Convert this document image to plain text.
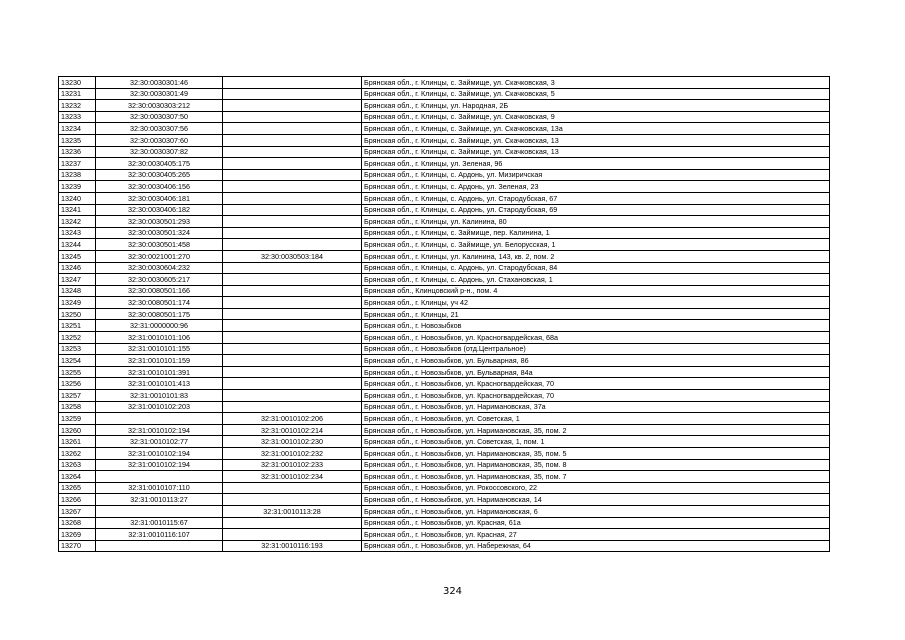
13230	32:30:0030301:46		Брянская обл., г. Клинцы, с. Займище, ул. Скачковская, 3
13231	32:30:0030301:49		Брянская обл., г. Клинцы, с. Займище, ул. Скачковская, 5
13232	32:30:0030303:212		Брянская обл., г. Клинцы, ул. Народная, 2Б
13233	32:30:0030307:50		Брянская обл., г. Клинцы, с. Займище, ул. Скачковская, 9
13234	32:30:0030307:56		Брянская обл., г. Клинцы, с. Займище, ул. Скачковская, 13а
13235	32:30:0030307:60		Брянская обл., г. Клинцы, с. Займище, ул. Скачковская, 13
13236	32:30:0030307:82		Брянская обл., г. Клинцы, с. Займище, ул. Скачковская, 13
13237	32:30:0030405:175		Брянская обл., г. Клинцы, ул. Зеленая, 96
13238	32:30:0030405:265		Брянская обл., г. Клинцы, с. Ардонь, ул. Мизиричская
13239	32:30:0030406:156		Брянская обл., г. Клинцы, с. Ардонь, ул. Зеленая, 23
13240	32:30:0030406:181		Брянская обл., г. Клинцы, с. Ардонь, ул. Стародубская, 67
13241	32:30:0030406:182		Брянская обл., г. Клинцы, с. Ардонь, ул. Стародубская, 69
13242	32:30:0030501:293		Брянская обл., г. Клинцы, ул. Калинина, 80
13243	32:30:0030501:324		Брянская обл., г. Клинцы, с. Займище, пер. Калинина, 1
13244	32:30:0030501:458		Брянская обл., г. Клинцы, с. Займище, ул. Белорусская, 1
13245	32:30:0021001:270	32:30:0030503:184	Брянская обл., г. Клинцы, ул. Калинина, 143, кв. 2, пом. 2
13246	32:30:0030604:232		Брянская обл., г. Клинцы, с. Ардонь, ул. Стародубская, 84
13247	32:30:0030605:217		Брянская обл., г. Клинцы, с. Ардонь, ул. Стахановская, 1
13248	32:30:0080501:166		Брянская обл., Клинцовский р-н., пом. 4
13249	32:30:0080501:174		Брянская обл., г. Клинцы, уч 42
13250	32:30:0080501:175		Брянская обл., г. Клинцы, 21
13251	32:31:0000000:96		Брянская обл., г. Новозыбков
13252	32:31:0010101:106		Брянская обл., г. Новозыбков, ул. Красногвардейская, 68а
13253	32:31:0010101:155		Брянская обл., г. Новозыбков (отд.Центральное)
13254	32:31:0010101:159		Брянская обл., г. Новозыбков, ул. Бульварная, 86
13255	32:31:0010101:391		Брянская обл., г. Новозыбков, ул. Бульварная, 84а
13256	32:31:0010101:413		Брянская обл., г. Новозыбков, ул. Красногвардейская, 70
13257	32:31:0010101:83		Брянская обл., г. Новозыбков, ул. Красногвардейская, 70
13258	32:31:0010102:203		Брянская обл., г. Новозыбков, ул. Наримановская, 37а
13259		32:31:0010102:206	Брянская обл., г. Новозыбков, ул. Советская, 1
13260	32:31:0010102:194	32:31:0010102:214	Брянская обл., г. Новозыбков, ул. Наримановская, 35, пом. 2
13261	32:31:0010102:77	32:31:0010102:230	Брянская обл., г. Новозыбков, ул. Советская, 1, пом. 1
13262	32:31:0010102:194	32:31:0010102:232	Брянская обл., г. Новозыбков, ул. Наримановская, 35, пом. 5
13263	32:31:0010102:194	32:31:0010102:233	Брянская обл., г. Новозыбков, ул. Наримановская, 35, пом. 8
13264		32:31:0010102:234	Брянская обл., г. Новозыбков, ул. Наримановская, 35, пом. 7
13265	32:31:0010107:110		Брянская обл., г. Новозыбков, ул. Рокоссовского, 22
13266	32:31:0010113:27		Брянская обл., г. Новозыбков, ул. Наримановская, 14
13267		32:31:0010113:28	Брянская обл., г. Новозыбков, ул. Наримановская, 6
13268	32:31:0010115:67		Брянская обл., г. Новозыбков, ул. Красная, 61а
13269	32:31:0010116:107		Брянская обл., г. Новозыбков, ул. Красная, 27
13270		32:31:0010116:193	Брянская обл., г. Новозыбков, ул. Набережная, 64
324
